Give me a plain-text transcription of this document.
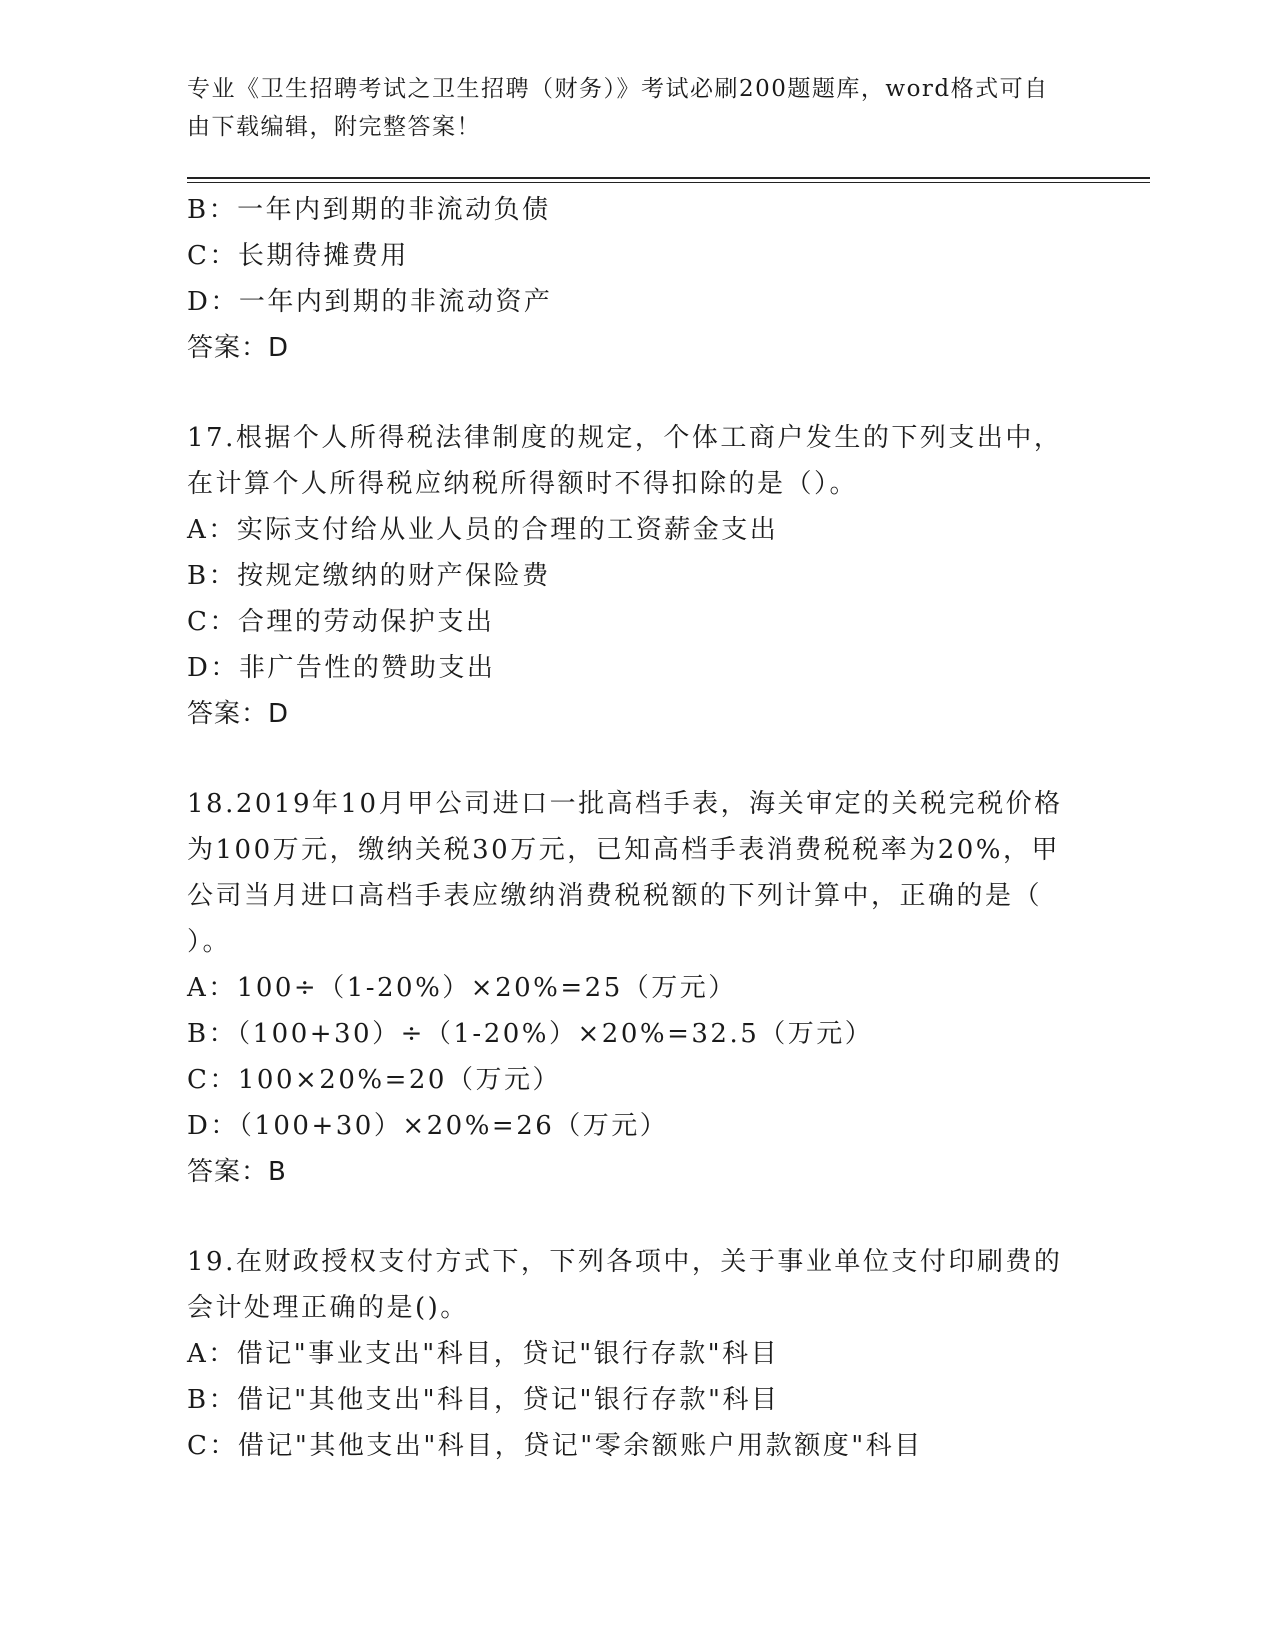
专业《卫生招聘考试之卫生招聘（财务）》考试必刷200题题库，word格式可自
由下载编辑，附完整答案！
B：一年内到期的非流动负债
C：长期待摊费用
D：一年内到期的非流动资产
答案：D
17.根据个人所得税法律制度的规定，个体工商户发生的下列支出中，
在计算个人所得税应纳税所得额时不得扣除的是（）。
A：实际支付给从业人员的合理的工资薪金支出
B：按规定缴纳的财产保险费
C：合理的劳动保护支出
D：非广告性的赞助支出
答案：D
18.2019年10月甲公司进口一批高档手表，海关审定的关税完税价格
为100万元，缴纳关税30万元，已知高档手表消费税税率为20%，甲
公司当月进口高档手表应缴纳消费税税额的下列计算中，正确的是（
）。
A：100÷（1-20%）×20%=25（万元）
B：（100+30）÷（1-20%）×20%=32.5（万元）
C：100×20%=20（万元）
D：（100+30）×20%=26（万元）
答案：B
19.在财政授权支付方式下，下列各项中，关于事业单位支付印刷费的
会计处理正确的是()。
A：借记"事业支出"科目，贷记"银行存款"科目
B：借记"其他支出"科目，贷记"银行存款"科目
C：借记"其他支出"科目，贷记"零余额账户用款额度"科目
